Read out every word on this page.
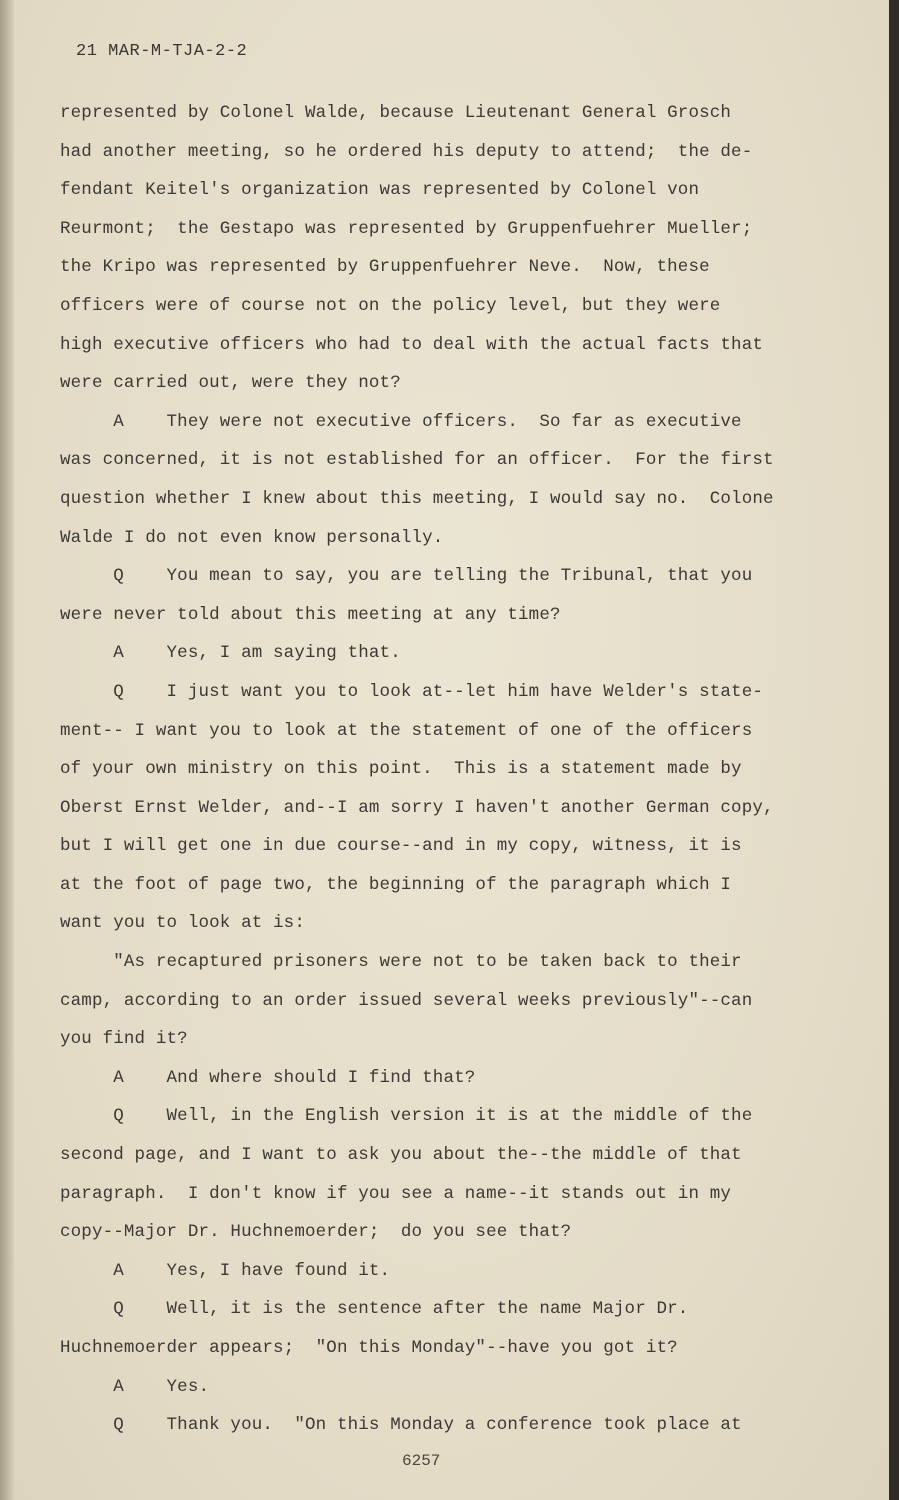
21 MAR-M-TJA-2-2
represented by Colonel Walde, because Lieutenant General Grosch
had another meeting, so he ordered his deputy to attend;  the de-
fendant Keitel's organization was represented by Colonel von
Reurmont;  the Gestapo was represented by Gruppenfuehrer Mueller;
the Kripo was represented by Gruppenfuehrer Neve.  Now, these
officers were of course not on the policy level, but they were
high executive officers who had to deal with the actual facts that
were carried out, were they not?
A    They were not executive officers.  So far as executive
was concerned, it is not established for an officer.  For the first
question whether I knew about this meeting, I would say no.  Colone
Walde I do not even know personally.
Q    You mean to say, you are telling the Tribunal, that you
were never told about this meeting at any time?
A    Yes, I am saying that.
Q    I just want you to look at--let him have Welder's state-
ment-- I want you to look at the statement of one of the officers
of your own ministry on this point.  This is a statement made by
Oberst Ernst Welder, and--I am sorry I haven't another German copy,
but I will get one in due course--and in my copy, witness, it is
at the foot of page two, the beginning of the paragraph which I
want you to look at is:
"As recaptured prisoners were not to be taken back to their
camp, according to an order issued several weeks previously"--can
you find it?
A    And where should I find that?
Q    Well, in the English version it is at the middle of the
second page, and I want to ask you about the--the middle of that
paragraph.  I don't know if you see a name--it stands out in my
copy--Major Dr. Huchnemoerder;  do you see that?
A    Yes, I have found it.
Q    Well, it is the sentence after the name Major Dr.
Huchnemoerder appears;  "On this Monday"--have you got it?
A    Yes.
Q    Thank you.  "On this Monday a conference took place at
6257
